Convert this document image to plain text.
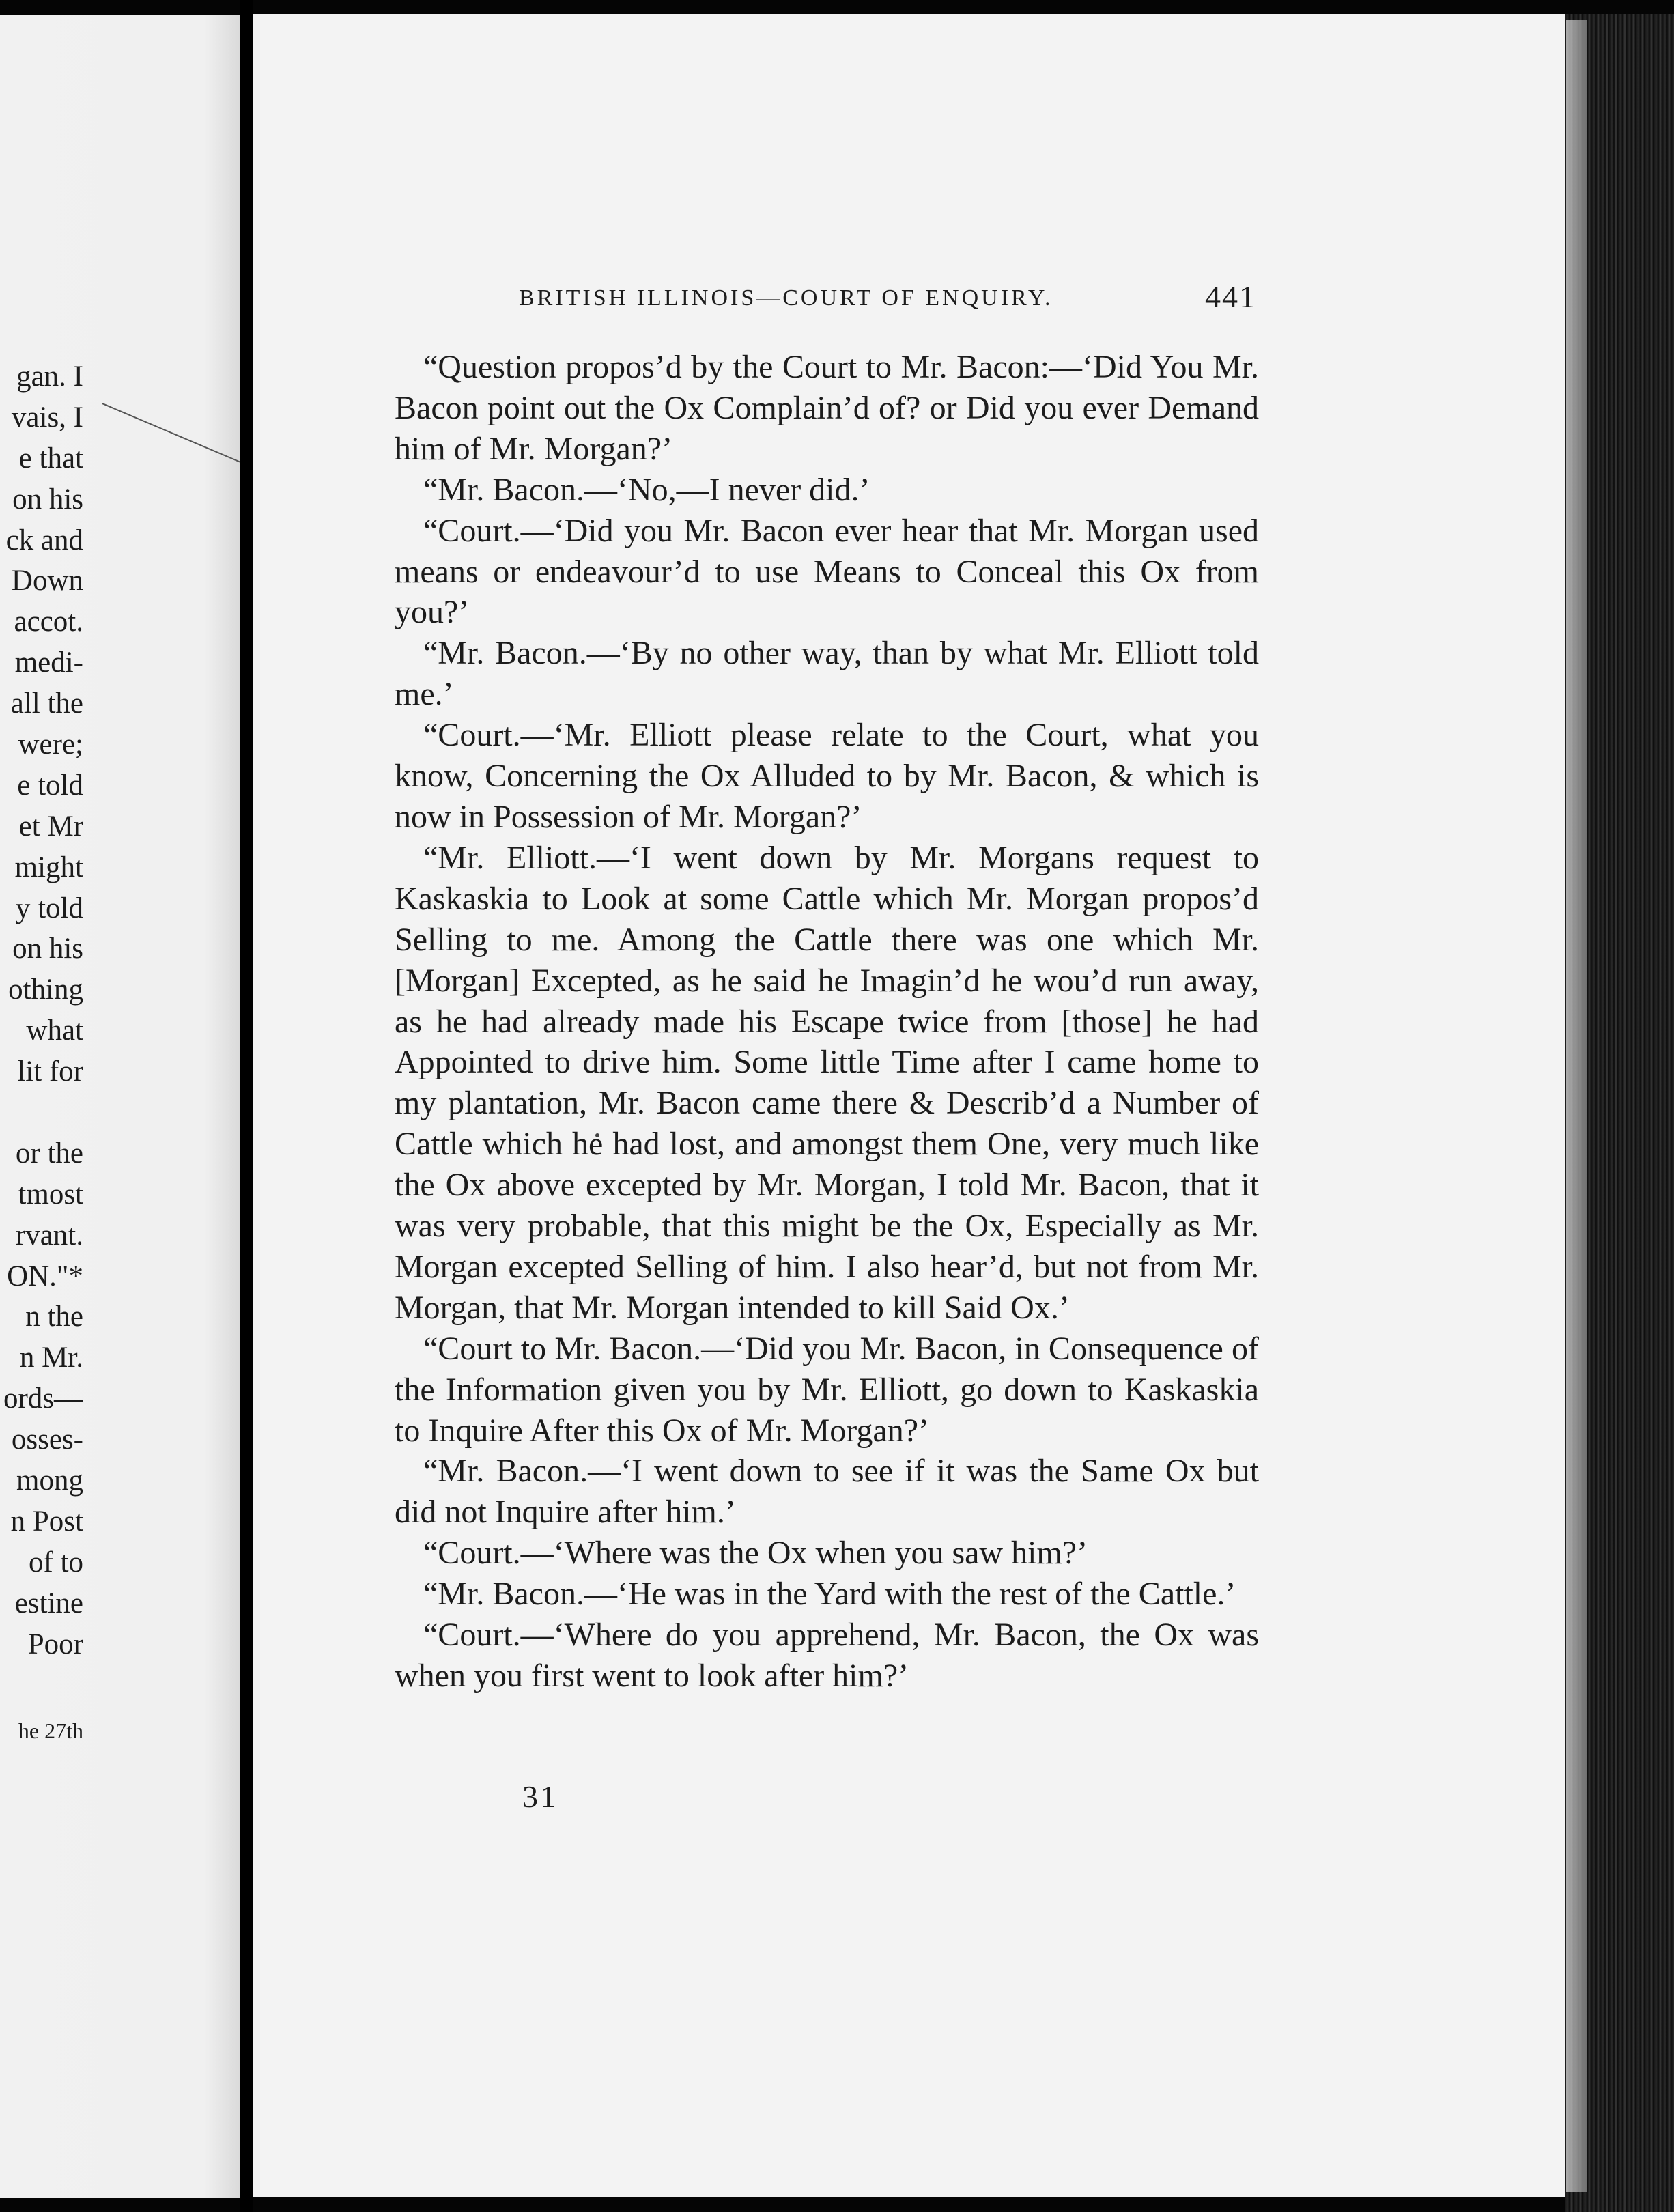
gan. I
vais, I
e that
on his
ck and
Down
accot.
medi-
all the
were;
e told
et Mr
might
y told
on his
othing
what
lit for
or the
tmost
rvant.
ON."*
n the
n Mr.
ords—
osses-
mong
n Post
of to
estine
Poor
he 27th
BRITISH ILLINOIS—COURT OF ENQUIRY.	441

“Question propos’d by the Court to Mr. Bacon:—‘Did You Mr. Bacon point out the Ox Complain’d of? or Did you ever Demand him of Mr. Morgan?’

“Mr. Bacon.—‘No,—I never did.’

“Court.—‘Did you Mr. Bacon ever hear that Mr. Morgan used means or endeavour’d to use Means to Conceal this Ox from you?’

“Mr. Bacon.—‘By no other way, than by what Mr. Elliott told me.’

“Court.—‘Mr. Elliott please relate to the Court, what you know, Concerning the Ox Alluded to by Mr. Bacon, & which is now in Possession of Mr. Morgan?’

“Mr. Elliott.—‘I went down by Mr. Morgans request to Kaskaskia to Look at some Cattle which Mr. Morgan propos’d Selling to me. Among the Cattle there was one which Mr. [Morgan] Excepted, as he said he Imagin’d he wou’d run away, as he had already made his Escape twice from [those] he had Appointed to drive him. Some little Time after I came home to my plantation, Mr. Bacon came there & Describ’d a Number of Cattle which he had lost, and amongst them One, very much like the Ox above excepted by Mr. Morgan, I told Mr. Bacon, that it was very probable, that this might be the Ox, Especially as Mr. Morgan excepted Selling of him. I also hear’d, but not from Mr. Morgan, that Mr. Morgan intended to kill Said Ox.’

“Court to Mr. Bacon.—‘Did you Mr. Bacon, in Consequence of the Information given you by Mr. Elliott, go down to Kaskaskia to Inquire After this Ox of Mr. Morgan?’

“Mr. Bacon.—‘I went down to see if it was the Same Ox but did not Inquire after him.’

“Court.—‘Where was the Ox when you saw him?’

“Mr. Bacon.—‘He was in the Yard with the rest of the Cattle.’

“Court.—‘Where do you apprehend, Mr. Bacon, the Ox was when you first went to look after him?’

31
